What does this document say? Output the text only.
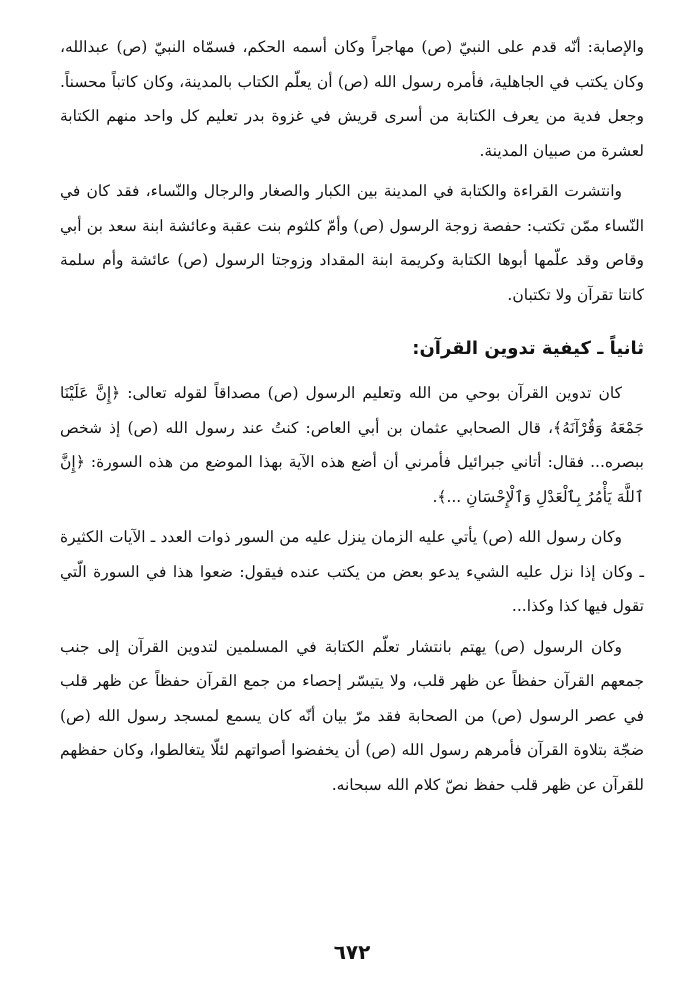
والإصابة: أنّه قدم على النبيّ (ص) مهاجراً وكان أسمه الحكم، فسمّاه النبيّ (ص) عبدالله، وكان يكتب في الجاهلية، فأمره رسول الله (ص) أن يعلّم الكتاب بالمدينة، وكان كاتباً محسناً. وجعل فدية من يعرف الكتابة من أسرى قريش في غزوة بدر تعليم كل واحد منهم الكتابة لعشرة من صبيان المدينة.

وانتشرت القراءة والكتابة في المدينة بين الكبار والصغار والرجال والنّساء، فقد كان في النّساء ممّن تكتب: حفصة زوجة الرسول (ص) وأمّ كلثوم بنت عقبة وعائشة ابنة سعد بن أبي وقاص وقد علّمها أبوها الكتابة وكريمة ابنة المقداد وزوجتا الرسول (ص) عائشة وأم سلمة كانتا تقرآن ولا تكتبان.

ثانياً ـ كيفية تدوين القرآن:

كان تدوين القرآن بوحي من الله وتعليم الرسول (ص) مصداقاً لقوله تعالى: ﴿إِنَّ عَلَيْنَا جَمْعَهُ وَقُرْآنَهُ﴾، قال الصحابي عثمان بن أبي العاص: كنتُ عند رسول الله (ص) إذ شخص ببصره... فقال: أتاني جبرائيل فأمرني أن أضع هذه الآية بهذا الموضع من هذه السورة: ﴿إِنَّ ٱللَّهَ يَأْمُرُ بِٱلْعَدْلِ وَٱلْإِحْسَانِ ...﴾.

وكان رسول الله (ص) يأتي عليه الزمان ينزل عليه من السور ذوات العدد ـ الآيات الكثيرة ـ وكان إذا نزل عليه الشيء يدعو بعض من يكتب عنده فيقول: ضعوا هذا في السورة الّتي تقول فيها كذا وكذا...

وكان الرسول (ص) يهتم بانتشار تعلّم الكتابة في المسلمين لتدوين القرآن إلى جنب جمعهم القرآن حفظاً عن ظهر قلب، ولا يتيسّر إحصاء من جمع القرآن حفظاً عن ظهر قلب في عصر الرسول (ص) من الصحابة فقد مرّ بيان أنّه كان يسمع لمسجد رسول الله (ص) ضجّة بتلاوة القرآن فأمرهم رسول الله (ص) أن يخفضوا أصواتهم لئلّا يتغالطوا، وكان حفظهم للقرآن عن ظهر قلب حفظ نصّ كلام الله سبحانه.

٦٧٢
